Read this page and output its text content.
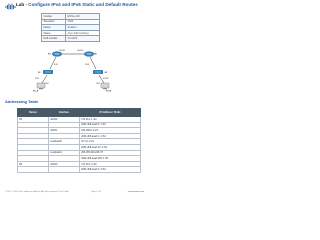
Lab - Configure IPv4 and IPv6 Static and Default Routes
Course	ENSA-100
Semester	2024
Name	Student
Name	Aryo Adhi Andiang
Roll number	02-0225
G0/0/1	G0/0/0
R2
R1
S1	S2
PC-A	PC-B
F0/1
F0/5
F0/6
F0/18
NIC	NIC
Addressing Table
Device	Interface	IP Address / Prefix
R1	G0/0/0	172.16.1.1 /24
		2001:db8:acad:2::1 /64
	G0/0/1	192.168.0.1 /24
		2001:db8:acad:1::1 /64
	Loopback0	10.1.0.1 /24
		2001:db8:acad:10::1 /64
	Loopback1	209.165.200.225 /27
		2001:db8:acad:209::1 /64
R2	G0/0/0	172.16.1.2 /24
		2001:db8:acad:2::2 /64
© 2019 - 2024 Cisco and/or its affiliates. All rights reserved. Cisco Public	Page 1 of 9	www.netacad.com
